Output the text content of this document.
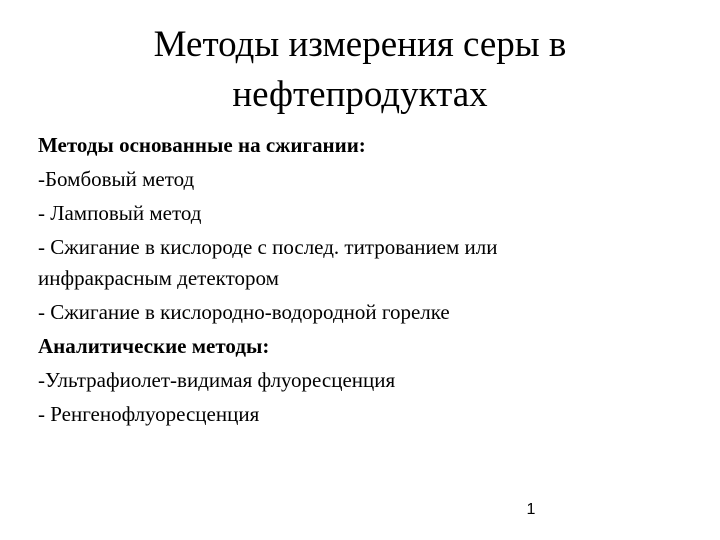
Методы измерения серы в
нефтепродуктах
Методы основанные на сжигании:
-Бомбовый метод
- Ламповый метод
- Сжигание в кислороде с послед. титрованием или
инфракрасным детектором
- Сжигание в кислородно-водородной горелке
Аналитические методы:
-Ультрафиолет-видимая флуоресценция
- Ренгенофлуоресценция
1
